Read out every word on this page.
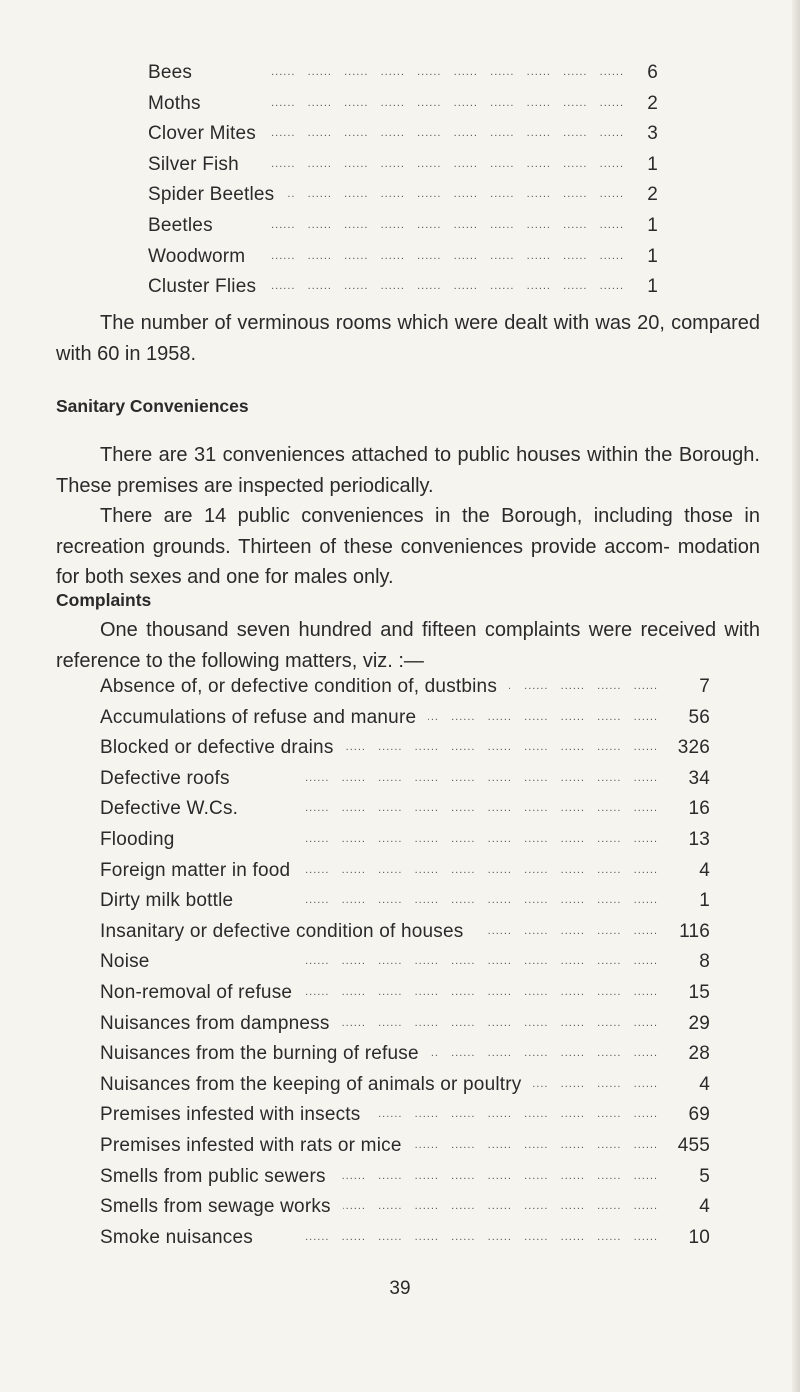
Bees .....	6
Moths .....	2
Clover Mites .....	3
Silver Fish .....	1
Spider Beetles .....	2
Beetles .....	1
Woodworm .....	1
Cluster Flies .....	1

The number of verminous rooms which were dealt with was 20, compared with 60 in 1958.

Sanitary Conveniences

There are 31 conveniences attached to public houses within the Borough. These premises are inspected periodically.

There are 14 public conveniences in the Borough, including those in recreation grounds. Thirteen of these conveniences provide accom- modation for both sexes and one for males only.

Complaints

One thousand seven hundred and fifteen complaints were received with reference to the following matters, viz. :—

Absence of, or defective condition of, dustbins .....	7
Accumulations of refuse and manure .....	56
Blocked or defective drains .....	326
Defective roofs .....	34
Defective W.Cs. .....	16
Flooding .....	13
Foreign matter in food .....	4
Dirty milk bottle .....	1
Insanitary or defective condition of houses .....	116
Noise .....	8
Non-removal of refuse .....	15
Nuisances from dampness .....	29
Nuisances from the burning of refuse .....	28
Nuisances from the keeping of animals or poultry .....	4
Premises infested with insects .....	69
Premises infested with rats or mice .....	455
Smells from public sewers .....	5
Smells from sewage works .....	4
Smoke nuisances .....	10
39
